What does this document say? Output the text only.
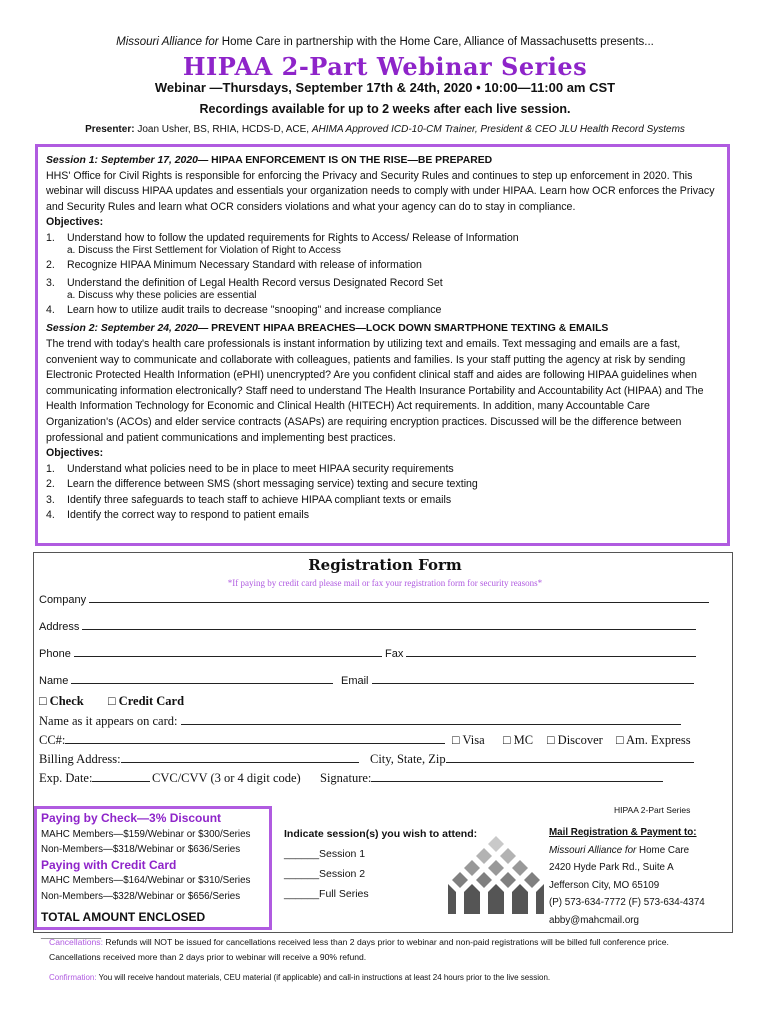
Missouri Alliance for Home Care in partnership with the Home Care, Alliance of Massachusetts presents...
HIPAA 2-Part Webinar Series
Webinar —Thursdays, September 17th & 24th, 2020 • 10:00—11:00 am CST
Recordings available for up to 2 weeks after each live session.
Presenter: Joan Usher, BS, RHIA, HCDS-D, ACE, AHIMA Approved ICD-10-CM Trainer, President & CEO JLU Health Record Systems
Session 1: September 17, 2020— HIPAA ENFORCEMENT IS ON THE RISE—BE PREPARED
HHS' Office for Civil Rights is responsible for enforcing the Privacy and Security Rules and continues to step up enforcement in 2020. This webinar will discuss HIPAA updates and essentials your organization needs to comply with under HIPAA. Learn how OCR enforces the Privacy and Security Rules and learn what OCR considers violations and what your agency can do to stay in compliance.
Objectives:
1.	Understand how to follow the updated requirements for Rights to Access/ Release of Information
a. Discuss the First Settlement for Violation of Right to Access
2.	Recognize HIPAA Minimum Necessary Standard with release of information
3.	Understand the definition of Legal Health Record versus Designated Record Set
a. Discuss why these policies are essential
4.	Learn how to utilize audit trails to decrease "snooping" and increase compliance
Session 2: September 24, 2020— PREVENT HIPAA BREACHES—LOCK DOWN SMARTPHONE TEXTING & EMAILS
The trend with today's health care professionals is instant information by utilizing text and emails. Text messaging and emails are a fast, convenient way to communicate and collaborate with colleagues, patients and families. Is your staff putting the agency at risk by sending Electronic Protected Health Information (ePHI) unencrypted? Are you confident clinical staff and aides are following HIPAA guidelines when communicating information electronically? Staff need to understand The Health Insurance Portability and Accountability Act (HIPAA) and The Health Information Technology for Economic and Clinical Health (HITECH) Act requirements. In addition, many Accountable Care Organization's (ACOs) and elder service contracts (ASAPs) are requiring encryption practices. Discussed will be the difference between professional and patient communications and implementing best practices.
Objectives:
1.	Understand what policies need to be in place to meet HIPAA security requirements
2.	Learn the difference between SMS (short messaging service) texting and secure texting
3.	Identify three safeguards to teach staff to achieve HIPAA compliant texts or emails
4.	Identify the correct way to respond to patient emails
Registration Form
*If paying by credit card please mail or fax your registration form for security reasons*
Company
Address
Phone	Fax
Name	Email
□ Check □ Credit Card
Name as it appears on card:
CC#:	□ Visa □ MC □ Discover □ Am. Express
Billing Address:	City, State, Zip
Exp. Date:	CVC/CVV (3 or 4 digit code) Signature:
HIPAA 2-Part Series
Paying by Check—3% Discount
MAHC Members—$159/Webinar or $300/Series
Non-Members—$318/Webinar or $636/Series
Paying with Credit Card
MAHC Members—$164/Webinar or $310/Series
Non-Members—$328/Webinar or $656/Series
TOTAL AMOUNT ENCLOSED _________
Indicate session(s) you wish to attend:
______Session 1
______Session 2
______Full Series
Mail Registration & Payment to:
Missouri Alliance for Home Care
2420 Hyde Park Rd., Suite A
Jefferson City, MO 65109
(P) 573-634-7772 (F) 573-634-4374
abby@mahcmail.org
Cancellations: Refunds will NOT be issued for cancellations received less than 2 days prior to webinar and non-paid registrations will be billed full conference price.
Cancellations received more than 2 days prior to webinar will receive a 90% refund.
Confirmation: You will receive handout materials, CEU material (if applicable) and call-in instructions at least 24 hours prior to the live session.
